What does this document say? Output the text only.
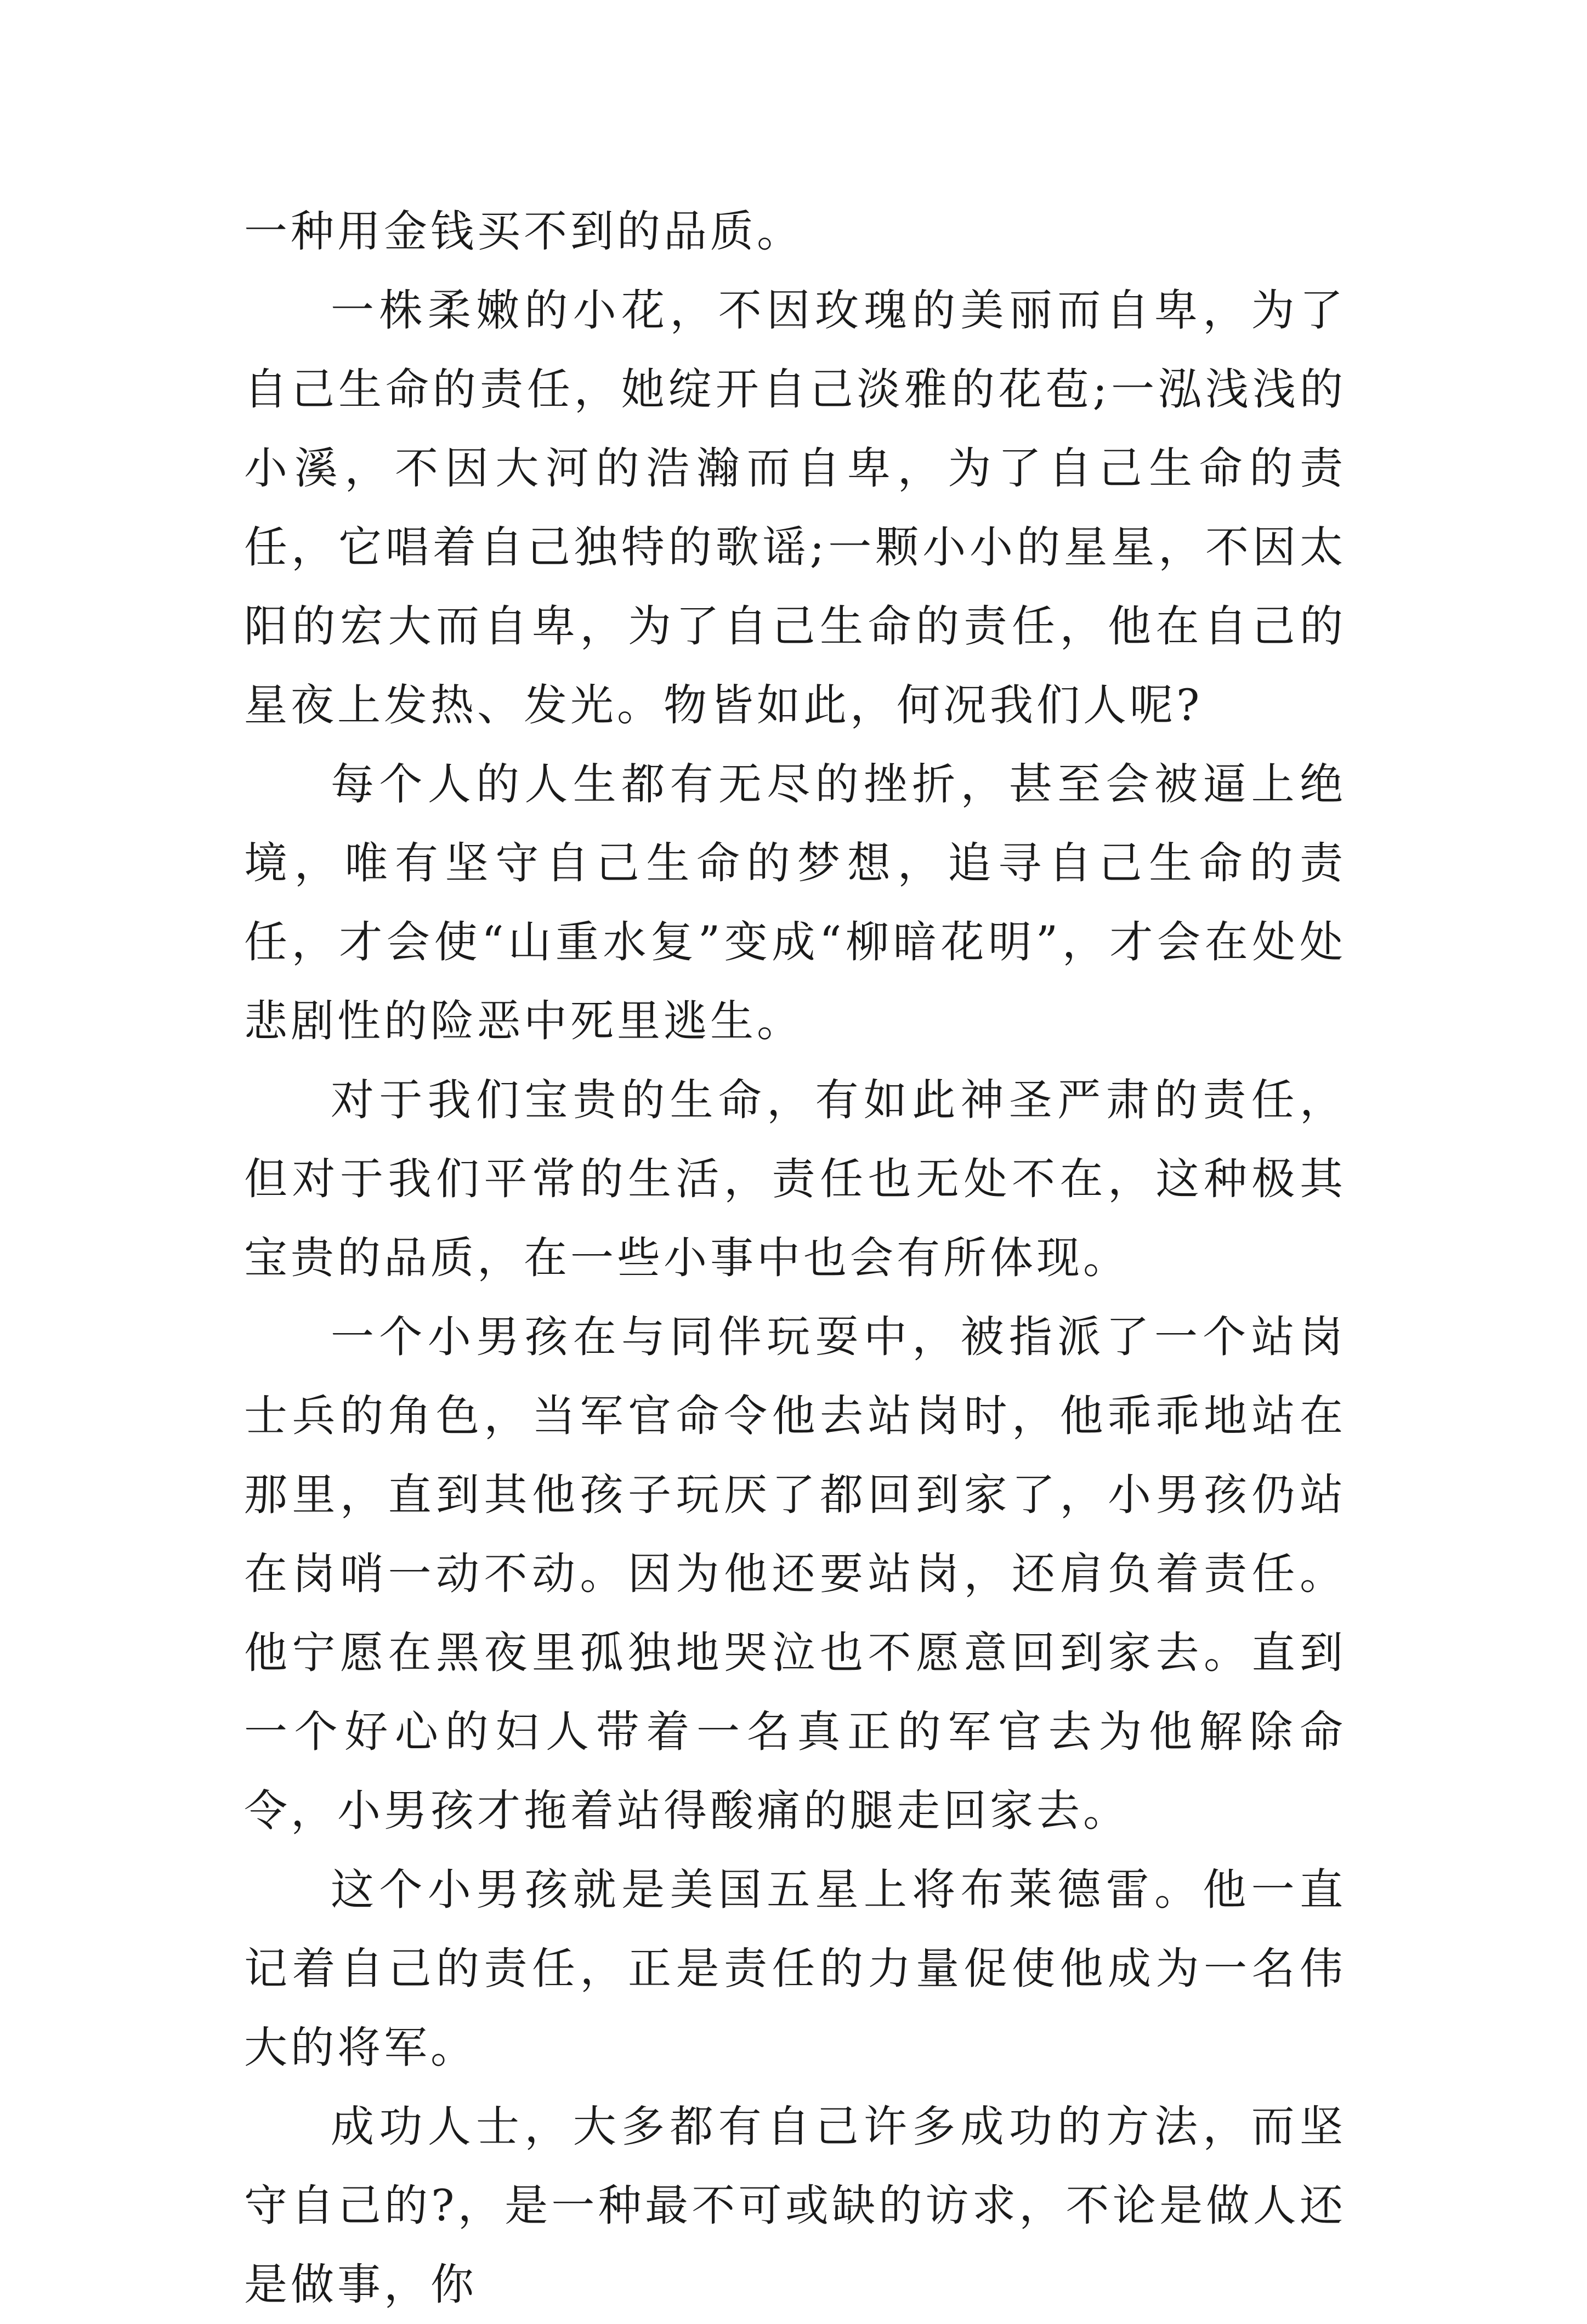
一种用金钱买不到的品质。

一株柔嫩的小花，不因玫瑰的美丽而自卑，为了自己生命的责任，她绽开自己淡雅的花苞;一泓浅浅的小溪，不因大河的浩瀚而自卑，为了自己生命的责任，它唱着自己独特的歌谣;一颗小小的星星，不因太阳的宏大而自卑，为了自己生命的责任，他在自己的星夜上发热、发光。物皆如此，何况我们人呢?

每个人的人生都有无尽的挫折，甚至会被逼上绝境，唯有坚守自己生命的梦想，追寻自己生命的责任，才会使“山重水复”变成“柳暗花明”，才会在处处悲剧性的险恶中死里逃生。

对于我们宝贵的生命，有如此神圣严肃的责任，但对于我们平常的生活，责任也无处不在，这种极其宝贵的品质，在一些小事中也会有所体现。

一个小男孩在与同伴玩耍中，被指派了一个站岗士兵的角色，当军官命令他去站岗时，他乖乖地站在那里，直到其他孩子玩厌了都回到家了，小男孩仍站在岗哨一动不动。因为他还要站岗，还肩负着责任。他宁愿在黑夜里孤独地哭泣也不愿意回到家去。直到一个好心的妇人带着一名真正的军官去为他解除命令，小男孩才拖着站得酸痛的腿走回家去。

这个小男孩就是美国五星上将布莱德雷。他一直记着自己的责任，正是责任的力量促使他成为一名伟大的将军。

成功人士，大多都有自己许多成功的方法，而坚守自己的?，是一种最不可或缺的访求，不论是做人还是做事，你
